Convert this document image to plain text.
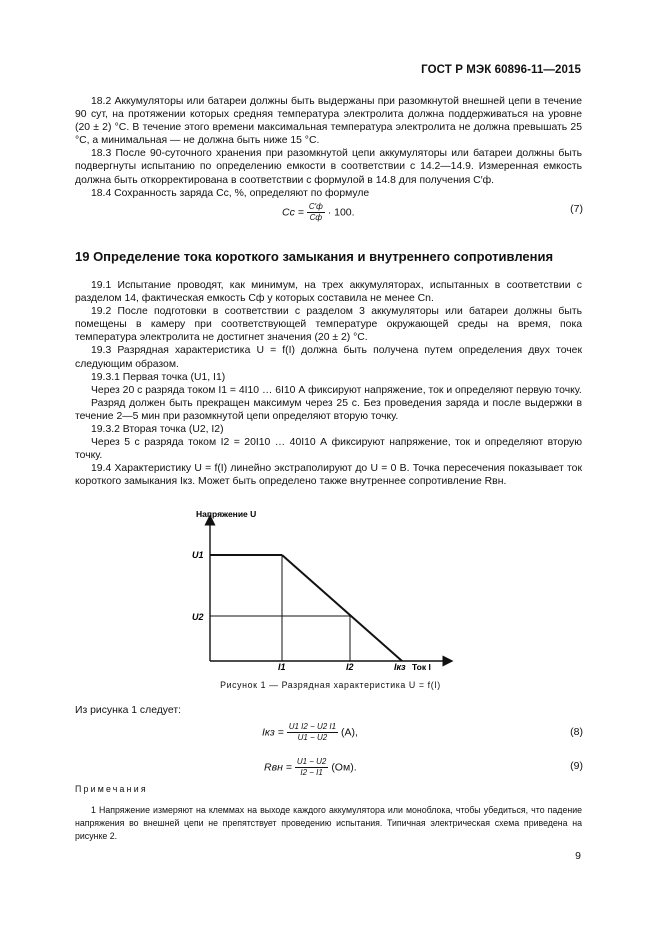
ГОСТ Р МЭК 60896-11—2015

18.2 Аккумуляторы или батареи должны быть выдержаны при разомкнутой внешней цепи в течение 90 сут, на протяжении которых средняя температура электролита должна поддерживаться на уровне (20 ± 2) °С. В течение этого времени максимальная температура электролита не должна превышать 25 °С, а минимальная — не должна быть ниже 15 °С.

18.3 После 90-суточного хранения при разомкнутой цепи аккумуляторы или батареи должны быть подвергнуты испытанию по определению емкости в соответствии с 14.2—14.9. Измеренная емкость должна быть откорректирована в соответствии с формулой в 14.8 для получения C′ф.

18.4 Сохранность заряда Cc, %, определяют по формуле

$Cc = \frac{C'ф}{Cф} \cdot 100$.	(7)
19 Определение тока короткого замыкания и внутреннего сопротивления

19.1 Испытание проводят, как минимум, на трех аккумуляторах, испытанных в соответствии с разделом 14, фактическая емкость Cф у которых составила не менее Cn.

19.2 После подготовки в соответствии с разделом 3 аккумуляторы или батареи должны быть помещены в камеру при соответствующей температуре окружающей среды на время, пока температура электролита не достигнет значения (20 ± 2) °С.

19.3 Разрядная характеристика U = f(I) должна быть получена путем определения двух точек следующим образом.

19.3.1 Первая точка (U1, I1)

Через 20 с разряда током I1 = 4I10 … 6I10 А фиксируют напряжение, ток и определяют первую точку.

Разряд должен быть прекращен максимум через 25 с. Без проведения заряда и после выдержки в течение 2—5 мин при разомкнутой цепи определяют вторую точку.

19.3.2 Вторая точка (U2, I2)

Через 5 с разряда током I2 = 20I10 … 40I10 А фиксируют напряжение, ток и определяют вторую точку.

19.4 Характеристику U = f(I) линейно экстраполируют до U = 0 В. Точка пересечения показывает ток короткого замыкания Iкз. Может быть определено также внутреннее сопротивление Rвн.

Напряжение U
U1
U2
I1	I2	Iкз Ток I
Рисунок 1 — Разрядная характеристика U = f(I)
Из рисунка 1 следует:
Iкз = $\frac{U1 I2 - U2 I1}{U1 - U2} (А)$,	(8)
Rвн = $\frac{U1 - U2}{I2 - I1} (Ом)$.	(9)
Примечания
1 Напряжение измеряют на клеммах на выходе каждого аккумулятора или моноблока, чтобы убедиться, что падение напряжения во внешней цепи не препятствует проведению испытания. Типичная электрическая схема приведена на рисунке 2.
9
